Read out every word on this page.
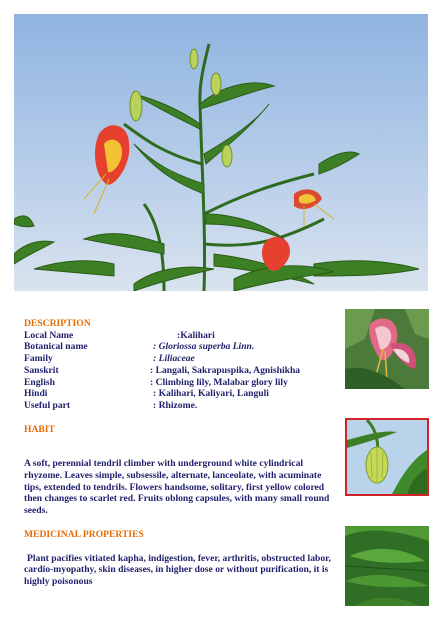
DESCRIPTION
Local Name	:Kalihari
Botanical name	: Gloriossa superba Linn.
Family	: Liliaceae
Sanskrit	: Langali, Sakrapuspika, Agnishikha
English	: Climbing lily, Malabar glory lily
Hindi	: Kalihari, Kaliyari, Languli
Useful part	: Rhizome.
HABIT

A soft, perennial tendril climber with underground white cylindrical rhyzome. Leaves simple, subsessile, alternate, lanceolate, with acuminate tips, extended to tendrils. Flowers handsome, solitary, first yellow colored then changes to scarlet red. Fruits oblong capsules, with many small round seeds.

MEDICINAL PROPERTIES

Plant pacifies vitiated kapha, indigestion, fever, arthritis, obstructed labor, cardio-myopathy, skin diseases, in higher dose or without purification, it is highly poisonous
